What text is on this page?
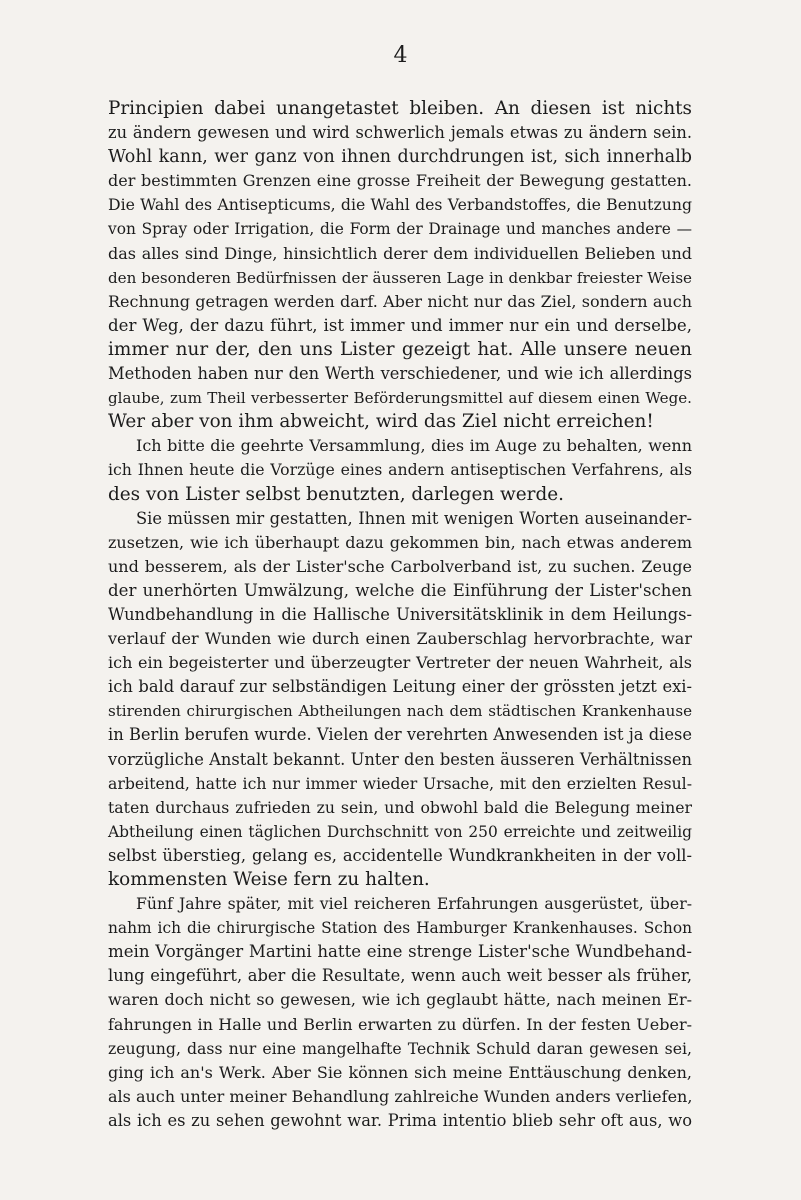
4
Principien dabei unangetastet bleiben. An diesen ist nichts
zu ändern gewesen und wird schwerlich jemals etwas zu ändern sein.
Wohl kann, wer ganz von ihnen durchdrungen ist, sich innerhalb
der bestimmten Grenzen eine grosse Freiheit der Bewegung gestatten.
Die Wahl des Antisepticums, die Wahl des Verbandstoffes, die Benutzung
von Spray oder Irrigation, die Form der Drainage und manches andere —
das alles sind Dinge, hinsichtlich derer dem individuellen Belieben und
den besonderen Bedürfnissen der äusseren Lage in denkbar freiester Weise
Rechnung getragen werden darf. Aber nicht nur das Ziel, sondern auch
der Weg, der dazu führt, ist immer und immer nur ein und derselbe,
immer nur der, den uns Lister gezeigt hat. Alle unsere neuen
Methoden haben nur den Werth verschiedener, und wie ich allerdings
glaube, zum Theil verbesserter Beförderungsmittel auf diesem einen Wege.
Wer aber von ihm abweicht, wird das Ziel nicht erreichen!
Ich bitte die geehrte Versammlung, dies im Auge zu behalten, wenn
ich Ihnen heute die Vorzüge eines andern antiseptischen Verfahrens, als
des von Lister selbst benutzten, darlegen werde.
Sie müssen mir gestatten, Ihnen mit wenigen Worten auseinander-
zusetzen, wie ich überhaupt dazu gekommen bin, nach etwas anderem
und besserem, als der Lister'sche Carbolverband ist, zu suchen. Zeuge
der unerhörten Umwälzung, welche die Einführung der Lister'schen
Wundbehandlung in die Hallische Universitätsklinik in dem Heilungs-
verlauf der Wunden wie durch einen Zauberschlag hervorbrachte, war
ich ein begeisterter und überzeugter Vertreter der neuen Wahrheit, als
ich bald darauf zur selbständigen Leitung einer der grössten jetzt exi-
stirenden chirurgischen Abtheilungen nach dem städtischen Krankenhause
in Berlin berufen wurde. Vielen der verehrten Anwesenden ist ja diese
vorzügliche Anstalt bekannt. Unter den besten äusseren Verhältnissen
arbeitend, hatte ich nur immer wieder Ursache, mit den erzielten Resul-
taten durchaus zufrieden zu sein, und obwohl bald die Belegung meiner
Abtheilung einen täglichen Durchschnitt von 250 erreichte und zeitweilig
selbst überstieg, gelang es, accidentelle Wundkrankheiten in der voll-
kommensten Weise fern zu halten.
Fünf Jahre später, mit viel reicheren Erfahrungen ausgerüstet, über-
nahm ich die chirurgische Station des Hamburger Krankenhauses. Schon
mein Vorgänger Martini hatte eine strenge Lister'sche Wundbehand-
lung eingeführt, aber die Resultate, wenn auch weit besser als früher,
waren doch nicht so gewesen, wie ich geglaubt hätte, nach meinen Er-
fahrungen in Halle und Berlin erwarten zu dürfen. In der festen Ueber-
zeugung, dass nur eine mangelhafte Technik Schuld daran gewesen sei,
ging ich an's Werk. Aber Sie können sich meine Enttäuschung denken,
als auch unter meiner Behandlung zahlreiche Wunden anders verliefen,
als ich es zu sehen gewohnt war. Prima intentio blieb sehr oft aus, wo
